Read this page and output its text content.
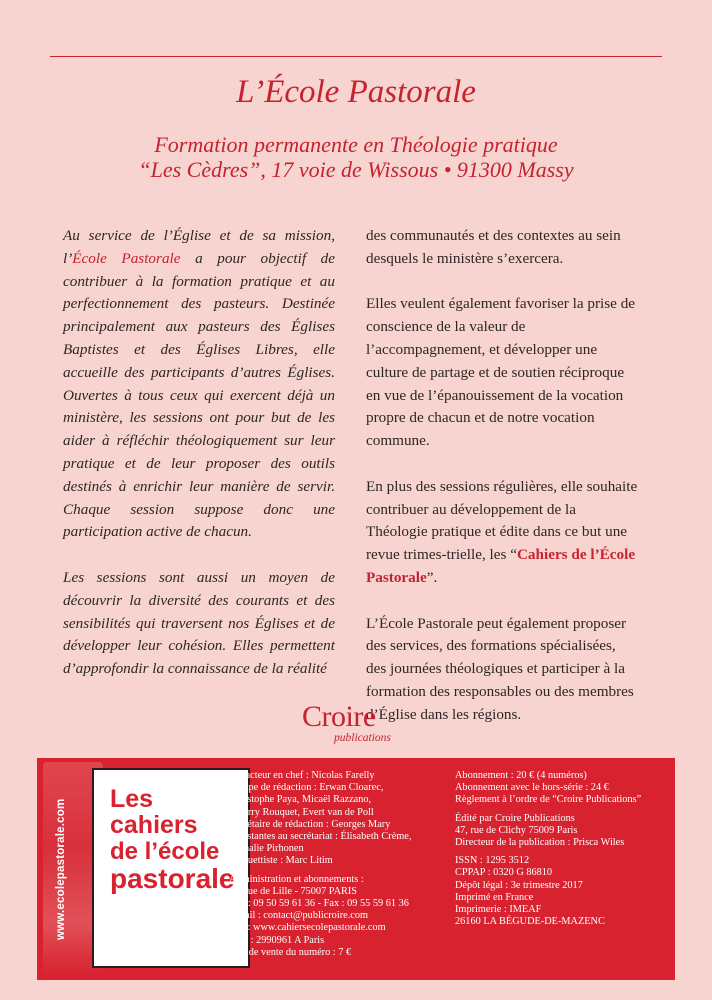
L’École Pastorale
Formation permanente en Théologie pratique
“Les Cèdres”, 17 voie de Wissous • 91300 Massy

Au service de l’Église et de sa mission, l’École Pastorale a pour objectif de contribuer à la formation pratique et au perfectionnement des pasteurs. Destinée principalement aux pasteurs des Églises Baptistes et des Églises Libres, elle accueille des participants d’autres Églises. Ouvertes à tous ceux qui exercent déjà un ministère, les sessions ont pour but de les aider à réfléchir théologiquement sur leur pratique et de leur proposer des outils destinés à enrichir leur manière de servir. Chaque session suppose donc une participation active de chacun.

Les sessions sont aussi un moyen de découvrir la diversité des courants et des sensibilités qui traversent nos Églises et de développer leur cohésion. Elles permettent d’approfondir la connaissance de la réalité

des communautés et des contextes au sein desquels le ministère s’exercera.

Elles veulent également favoriser la prise de conscience de la valeur de l’accompagnement, et développer une culture de partage et de soutien réciproque en vue de l’épanouissement de la vocation propre de chacun et de notre vocation commune.

En plus des sessions régulières, elle souhaite contribuer au développement de la Théologie pratique et édite dans ce but une revue trimes-trielle, les “Cahiers de l’École Pastorale”.

L’École Pastorale peut également proposer des services, des formations spécialisées, des journées théologiques et participer à la formation des responsables ou des membres d’Église dans les régions.

Croire
publications
www.ecolepastorale.com Les cahiers
de l’école
pastorale
Rédacteur en chef : Nicolas Farelly
Équipe de rédaction : Erwan Cloarec,
Christophe Paya, Micaël Razzano,
Thierry Rouquet, Evert van de Poll
Secrétaire de rédaction : Georges Mary
Assistantes au secrétariat : Élisabeth Crème,
Nathalie Pirhonen
Maquettiste : Marc Litim
Administration et abonnements :
48, rue de Lille - 75007 PARIS
Tél. : 09 50 59 61 36 - Fax : 09 55 59 61 36
e-mail : contact@publicroire.com
Site : www.cahiersecolepastorale.com
CCP : 2990961 A Paris
Prix de vente du numéro : 7 €
Abonnement : 20 € (4 numéros)
Abonnement avec le hors-série : 24 €
Règlement à l’ordre de “Croire Publications”
Édité par Croire Publications
47, rue de Clichy 75009 Paris
Directeur de la publication : Prisca Wiles
ISSN : 1295 3512
CPPAP : 0320 G 86810
Dépôt légal : 3e trimestre 2017
Imprimé en France
Imprimerie : IMEAF
26160 LA BÉGUDE-DE-MAZENC
